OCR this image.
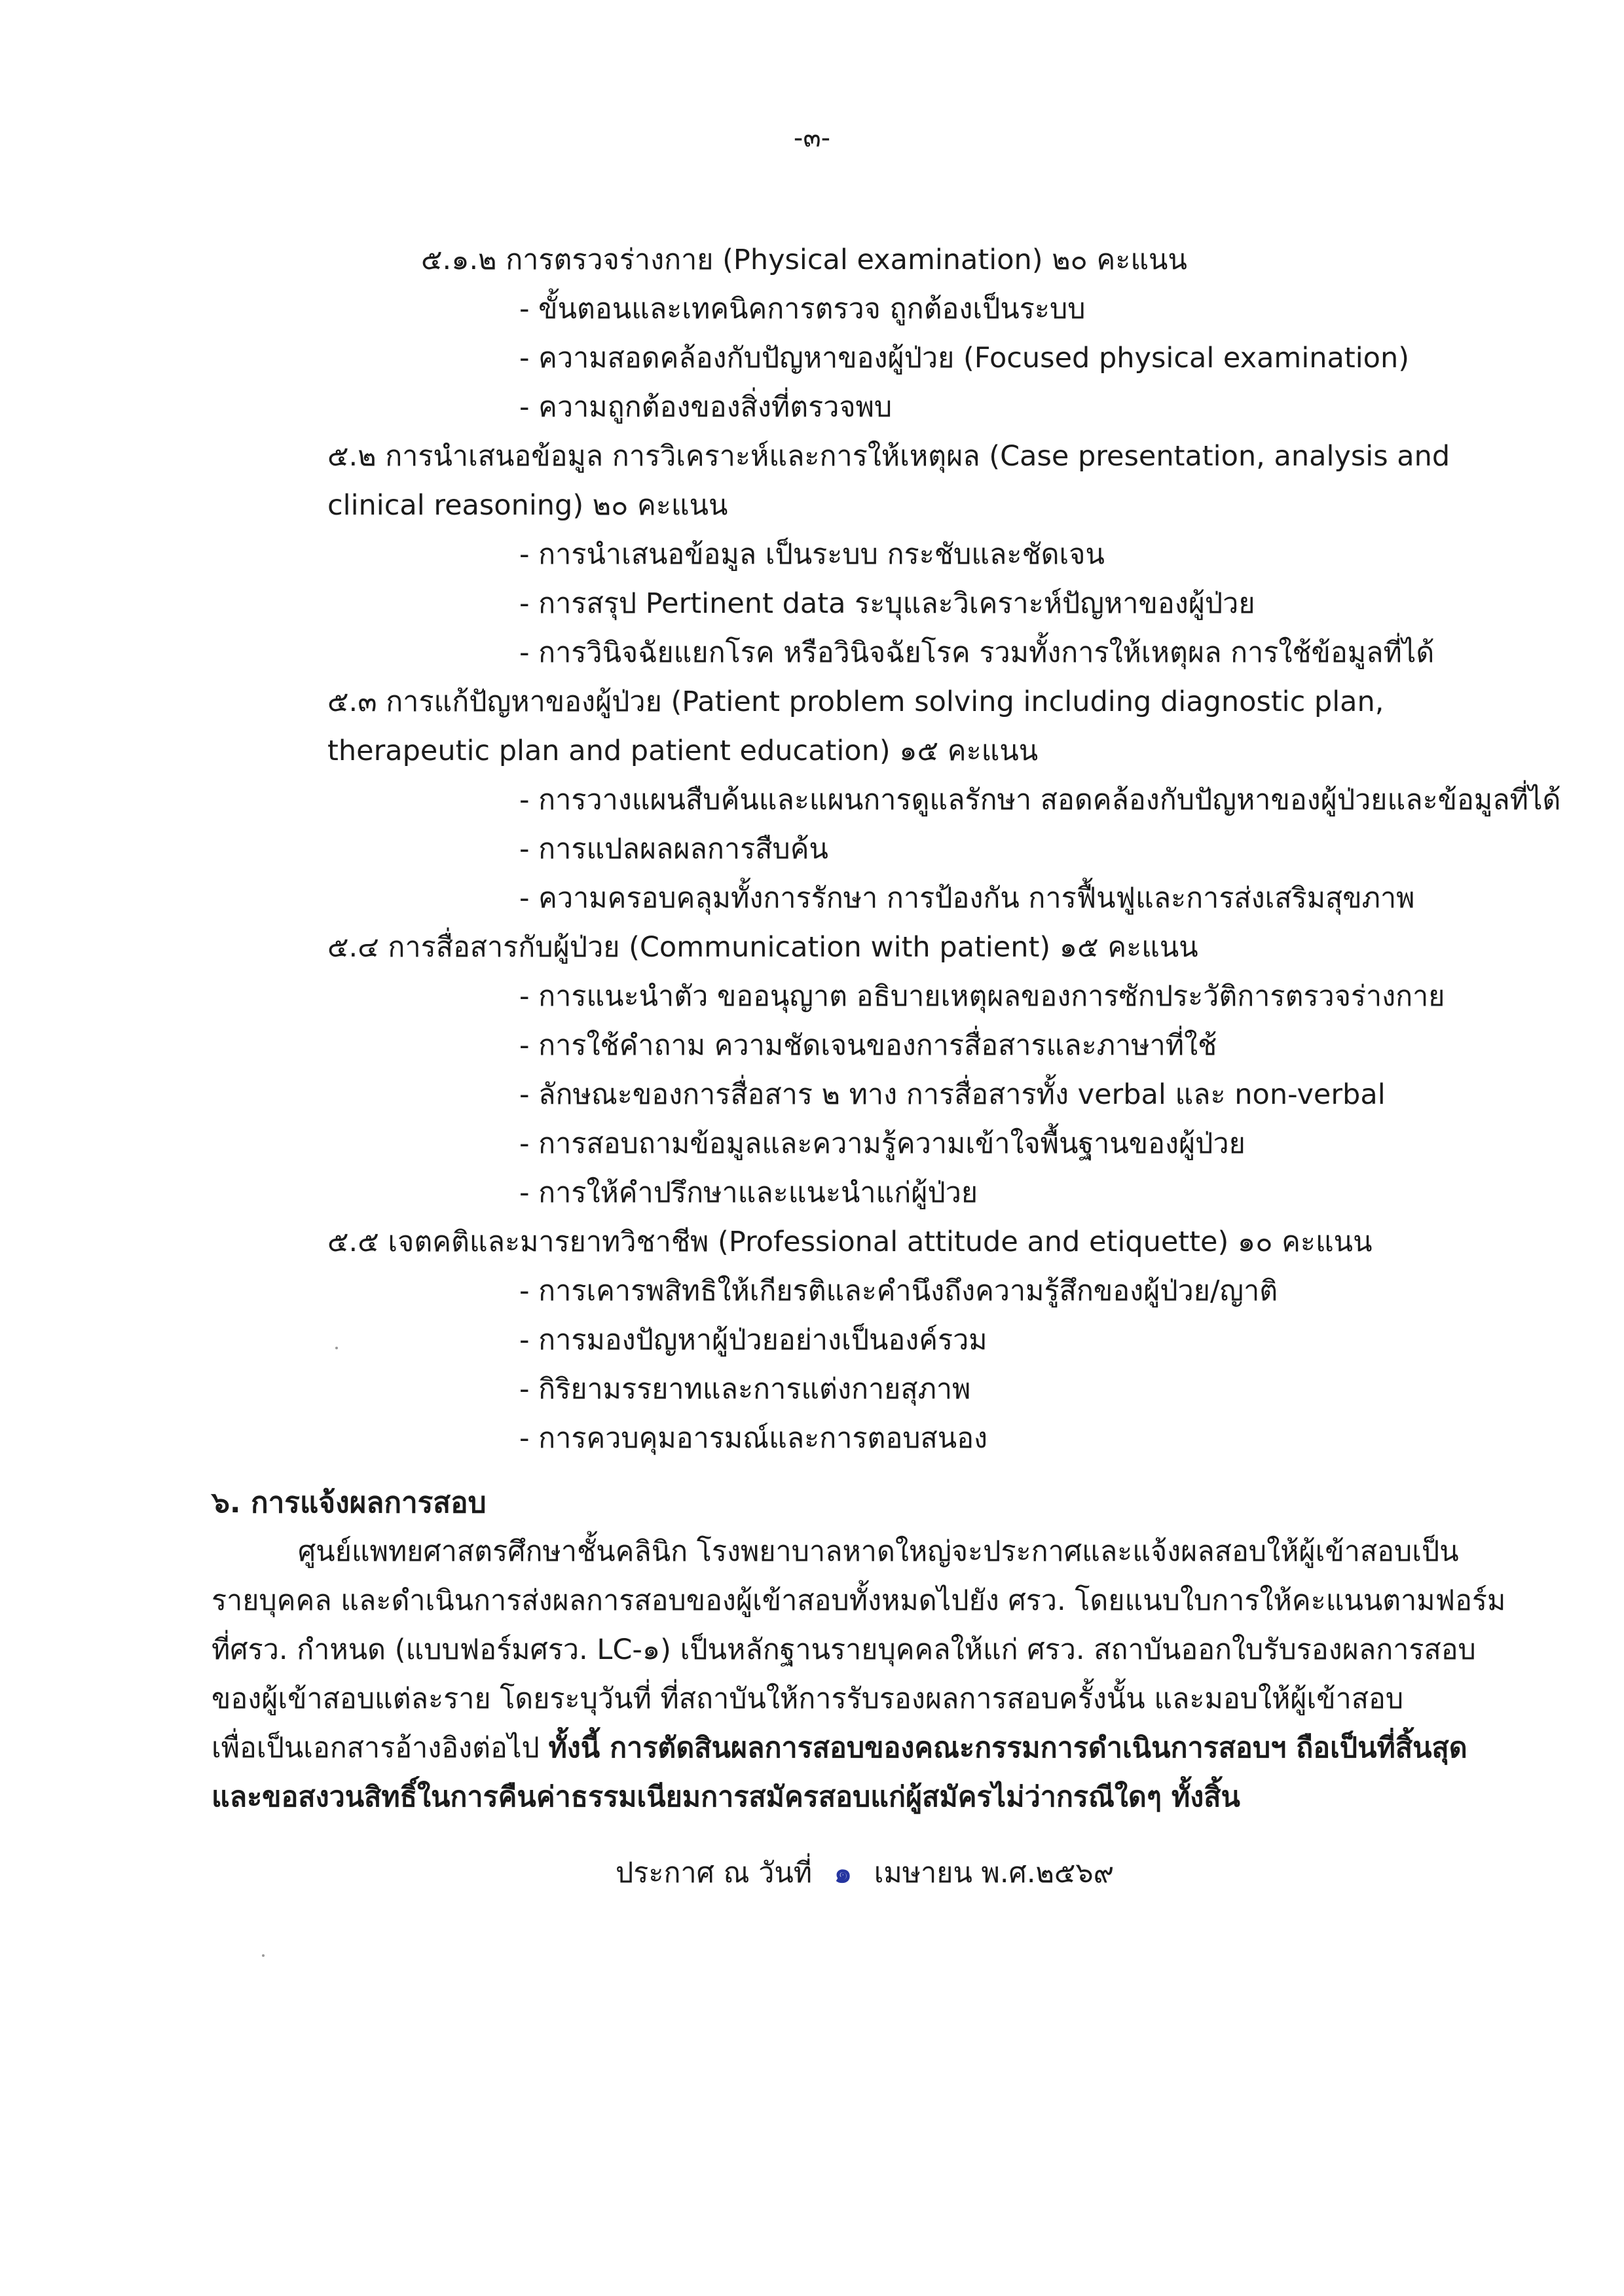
-๓-
๕.๑.๒ การตรวจร่างกาย (Physical examination) ๒๐ คะแนน
- ขั้นตอนและเทคนิคการตรวจ ถูกต้องเป็นระบบ
- ความสอดคล้องกับปัญหาของผู้ป่วย (Focused physical examination)
- ความถูกต้องของสิ่งที่ตรวจพบ
๕.๒ การนำเสนอข้อมูล การวิเคราะห์และการให้เหตุผล (Case presentation, analysis and
clinical reasoning) ๒๐ คะแนน
- การนำเสนอข้อมูล เป็นระบบ กระชับและชัดเจน
- การสรุป Pertinent data ระบุและวิเคราะห์ปัญหาของผู้ป่วย
- การวินิจฉัยแยกโรค หรือวินิจฉัยโรค รวมทั้งการให้เหตุผล การใช้ข้อมูลที่ได้
๕.๓ การแก้ปัญหาของผู้ป่วย (Patient problem solving including diagnostic plan,
therapeutic plan and patient education) ๑๕ คะแนน
- การวางแผนสืบค้นและแผนการดูแลรักษา สอดคล้องกับปัญหาของผู้ป่วยและข้อมูลที่ได้
- การแปลผลผลการสืบค้น
- ความครอบคลุมทั้งการรักษา การป้องกัน การฟื้นฟูและการส่งเสริมสุขภาพ
๕.๔ การสื่อสารกับผู้ป่วย (Communication with patient) ๑๕ คะแนน
- การแนะนำตัว ขออนุญาต อธิบายเหตุผลของการซักประวัติการตรวจร่างกาย
- การใช้คำถาม ความชัดเจนของการสื่อสารและภาษาที่ใช้
- ลักษณะของการสื่อสาร ๒ ทาง การสื่อสารทั้ง verbal และ non-verbal
- การสอบถามข้อมูลและความรู้ความเข้าใจพื้นฐานของผู้ป่วย
- การให้คำปรึกษาและแนะนำแก่ผู้ป่วย
๕.๕ เจตคติและมารยาทวิชาชีพ (Professional attitude and etiquette) ๑๐ คะแนน
- การเคารพสิทธิให้เกียรติและคำนึงถึงความรู้สึกของผู้ป่วย/ญาติ
- การมองปัญหาผู้ป่วยอย่างเป็นองค์รวม
- กิริยามรรยาทและการแต่งกายสุภาพ
- การควบคุมอารมณ์และการตอบสนอง
๖. การแจ้งผลการสอบ
ศูนย์แพทยศาสตรศึกษาชั้นคลินิก โรงพยาบาลหาดใหญ่จะประกาศและแจ้งผลสอบให้ผู้เข้าสอบเป็น
รายบุคคล และดำเนินการส่งผลการสอบของผู้เข้าสอบทั้งหมดไปยัง ศรว. โดยแนบใบการให้คะแนนตามฟอร์ม
ที่ศรว. กำหนด (แบบฟอร์มศรว. LC-๑) เป็นหลักฐานรายบุคคลให้แก่ ศรว. สถาบันออกใบรับรองผลการสอบ
ของผู้เข้าสอบแต่ละราย โดยระบุวันที่ ที่สถาบันให้การรับรองผลการสอบครั้งนั้น และมอบให้ผู้เข้าสอบ
เพื่อเป็นเอกสารอ้างอิงต่อไป ทั้งนี้ การตัดสินผลการสอบของคณะกรรมการดำเนินการสอบฯ ถือเป็นที่สิ้นสุด
และขอสงวนสิทธิ์ในการคืนค่าธรรมเนียมการสมัครสอบแก่ผู้สมัครไม่ว่ากรณีใดๆ ทั้งสิ้น
ประกาศ ณ วันที่ ๑ เมษายน พ.ศ.๒๕๖๙
